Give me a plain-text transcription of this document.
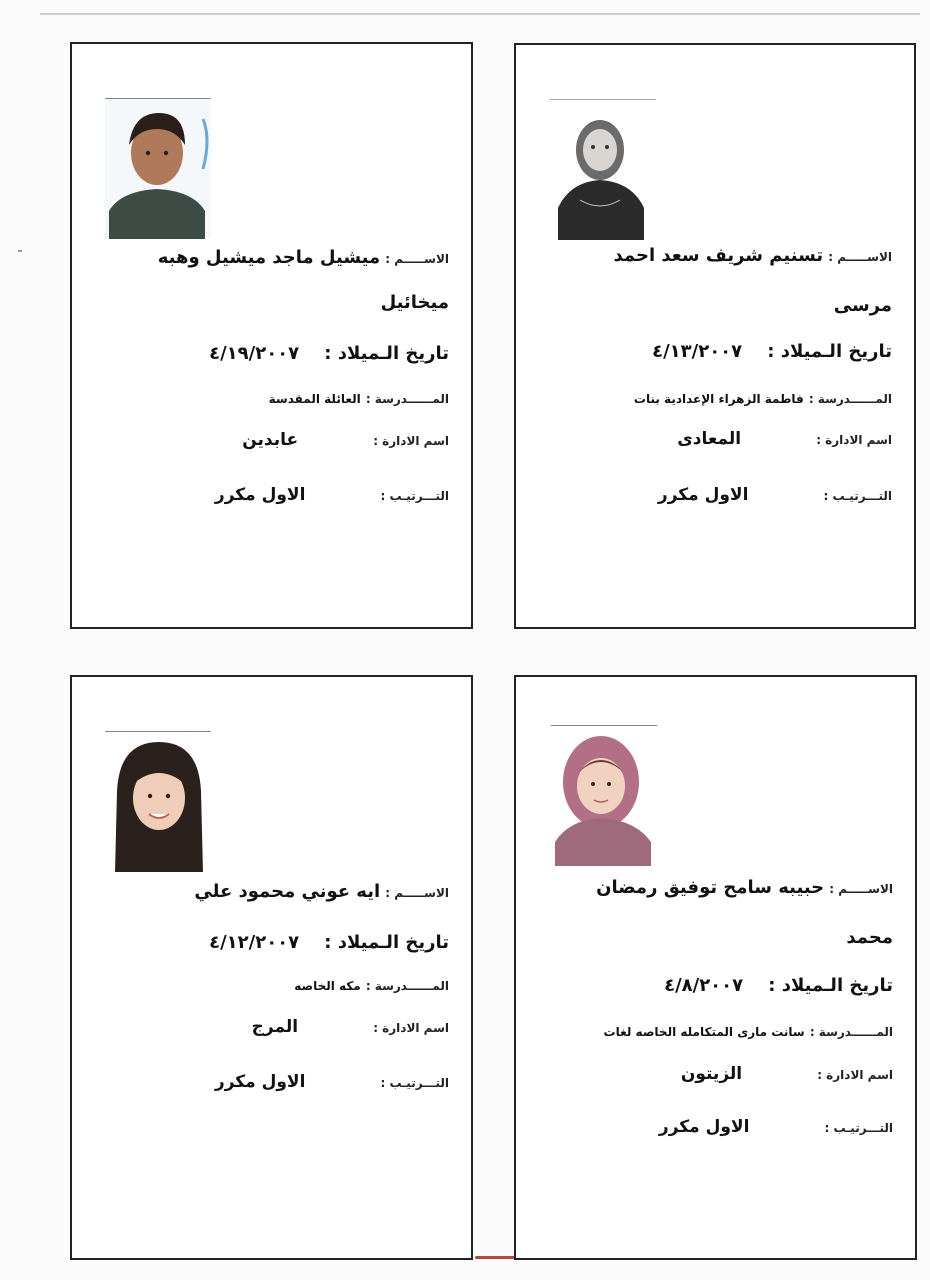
الاســـــم : تسنيم شريف سعد احمد
مرسى
تاريخ الـميلاد : ٤/١٣/٢٠٠٧
المــــــدرسة : فاطمة الزهراء الإعدادية بنات
اسم الادارة : المعادى
التـــرتيـب : الاول مكرر
الاســـــم : ميشيل ماجد ميشيل وهبه
ميخائيل
تاريخ الـميلاد : ٤/١٩/٢٠٠٧
المــــــدرسة : العائلة المقدسة
اسم الادارة : عابدين
التـــرتيـب : الاول مكرر
الاســـــم : حبيبه سامح توفيق رمضان
محمد
تاريخ الـميلاد : ٤/٨/٢٠٠٧
المــــــدرسة : سانت مارى المتكامله الخاصه لغات
اسم الادارة : الزيتون
التـــرتيـب : الاول مكرر
الاســـــم : ايه عوني محمود علي
تاريخ الـميلاد : ٤/١٢/٢٠٠٧
المــــــدرسة : مكه الخاصه
اسم الادارة : المرج
التـــرتيـب : الاول مكرر
